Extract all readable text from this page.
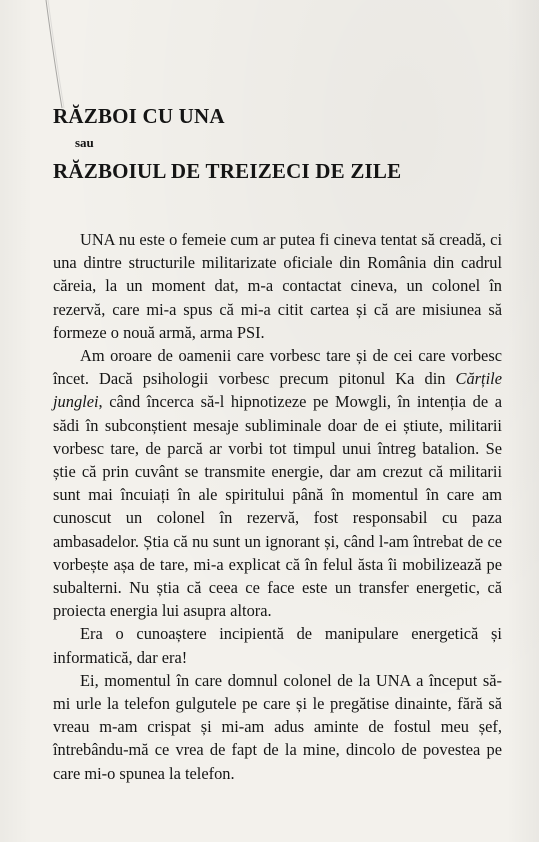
RĂZBOI CU UNA
sau
RĂZBOIUL DE TREIZECI DE ZILE

UNA nu este o femeie cum ar putea fi cineva tentat să creadă, ci una dintre structurile militarizate oficiale din România din cadrul căreia, la un moment dat, m-a contactat cineva, un colonel în rezervă, care mi-a spus că mi-a citit cartea și că are misiunea să formeze o nouă armă, arma PSI.

Am oroare de oamenii care vorbesc tare și de cei care vorbesc încet. Dacă psihologii vorbesc precum pitonul Ka din Cărțile junglei, când încerca să-l hipnotizeze pe Mowgli, în intenția de a sădi în subconștient mesaje subliminale doar de ei știute, militarii vorbesc tare, de parcă ar vorbi tot timpul unui întreg batalion. Se știe că prin cuvânt se transmite energie, dar am crezut că militarii sunt mai încuiați în ale spiritului până în momentul în care am cunoscut un colonel în rezervă, fost responsabil cu paza ambasadelor. Știa că nu sunt un ignorant și, când l-am întrebat de ce vorbește așa de tare, mi-a explicat că în felul ăsta îi mobilizează pe subalterni. Nu știa că ceea ce face este un transfer energetic, că proiecta energia lui asupra altora.

Era o cunoaștere incipientă de manipulare energetică și informatică, dar era!

Ei, momentul în care domnul colonel de la UNA a început să-mi urle la telefon gulgutele pe care și le pregătise dinainte, fără să vreau m-am crispat și mi-am adus aminte de fostul meu șef, întrebându-mă ce vrea de fapt de la mine, dincolo de povestea pe care mi-o spunea la telefon.
